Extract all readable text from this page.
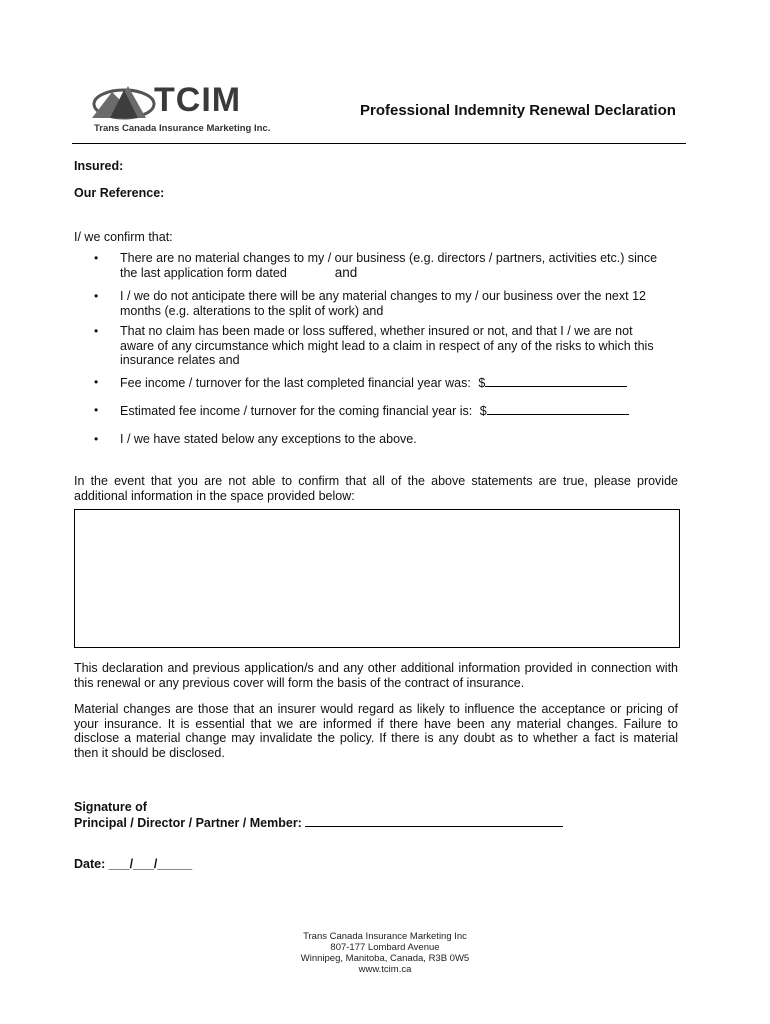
TCIM
Trans Canada Insurance Marketing Inc.
Professional Indemnity Renewal Declaration
Insured:
Our Reference:
I/ we confirm that:
• There are no material changes to my / our business (e.g. directors / partners, activities etc.) since
the last application form dated	and
• I / we do not anticipate there will be any material changes to my / our business over the next 12
months (e.g. alterations to the split of work) and
• That no claim has been made or loss suffered, whether insured or not, and that I / we are not
aware of any circumstance which might lead to a claim in respect of any of the risks to which this
insurance relates and
• Fee income / turnover for the last completed financial year was: $
• Estimated fee income / turnover for the coming financial year is: $
• I / we have stated below any exceptions to the above.
In the event that you are not able to confirm that all of the above statements are true, please provide additional information in the space provided below:
This declaration and previous application/s and any other additional information provided in connection with this renewal or any previous cover will form the basis of the contract of insurance.
Material changes are those that an insurer would regard as likely to influence the acceptance or pricing of your insurance. It is essential that we are informed if there have been any material changes. Failure to disclose a material change may invalidate the policy. If there is any doubt as to whether a fact is material then it should be disclosed.
Signature of
Principal / Director / Partner / Member:
Date: ___/___/_____
Trans Canada Insurance Marketing Inc
807-177 Lombard Avenue
Winnipeg, Manitoba, Canada, R3B 0W5
www.tcim.ca
